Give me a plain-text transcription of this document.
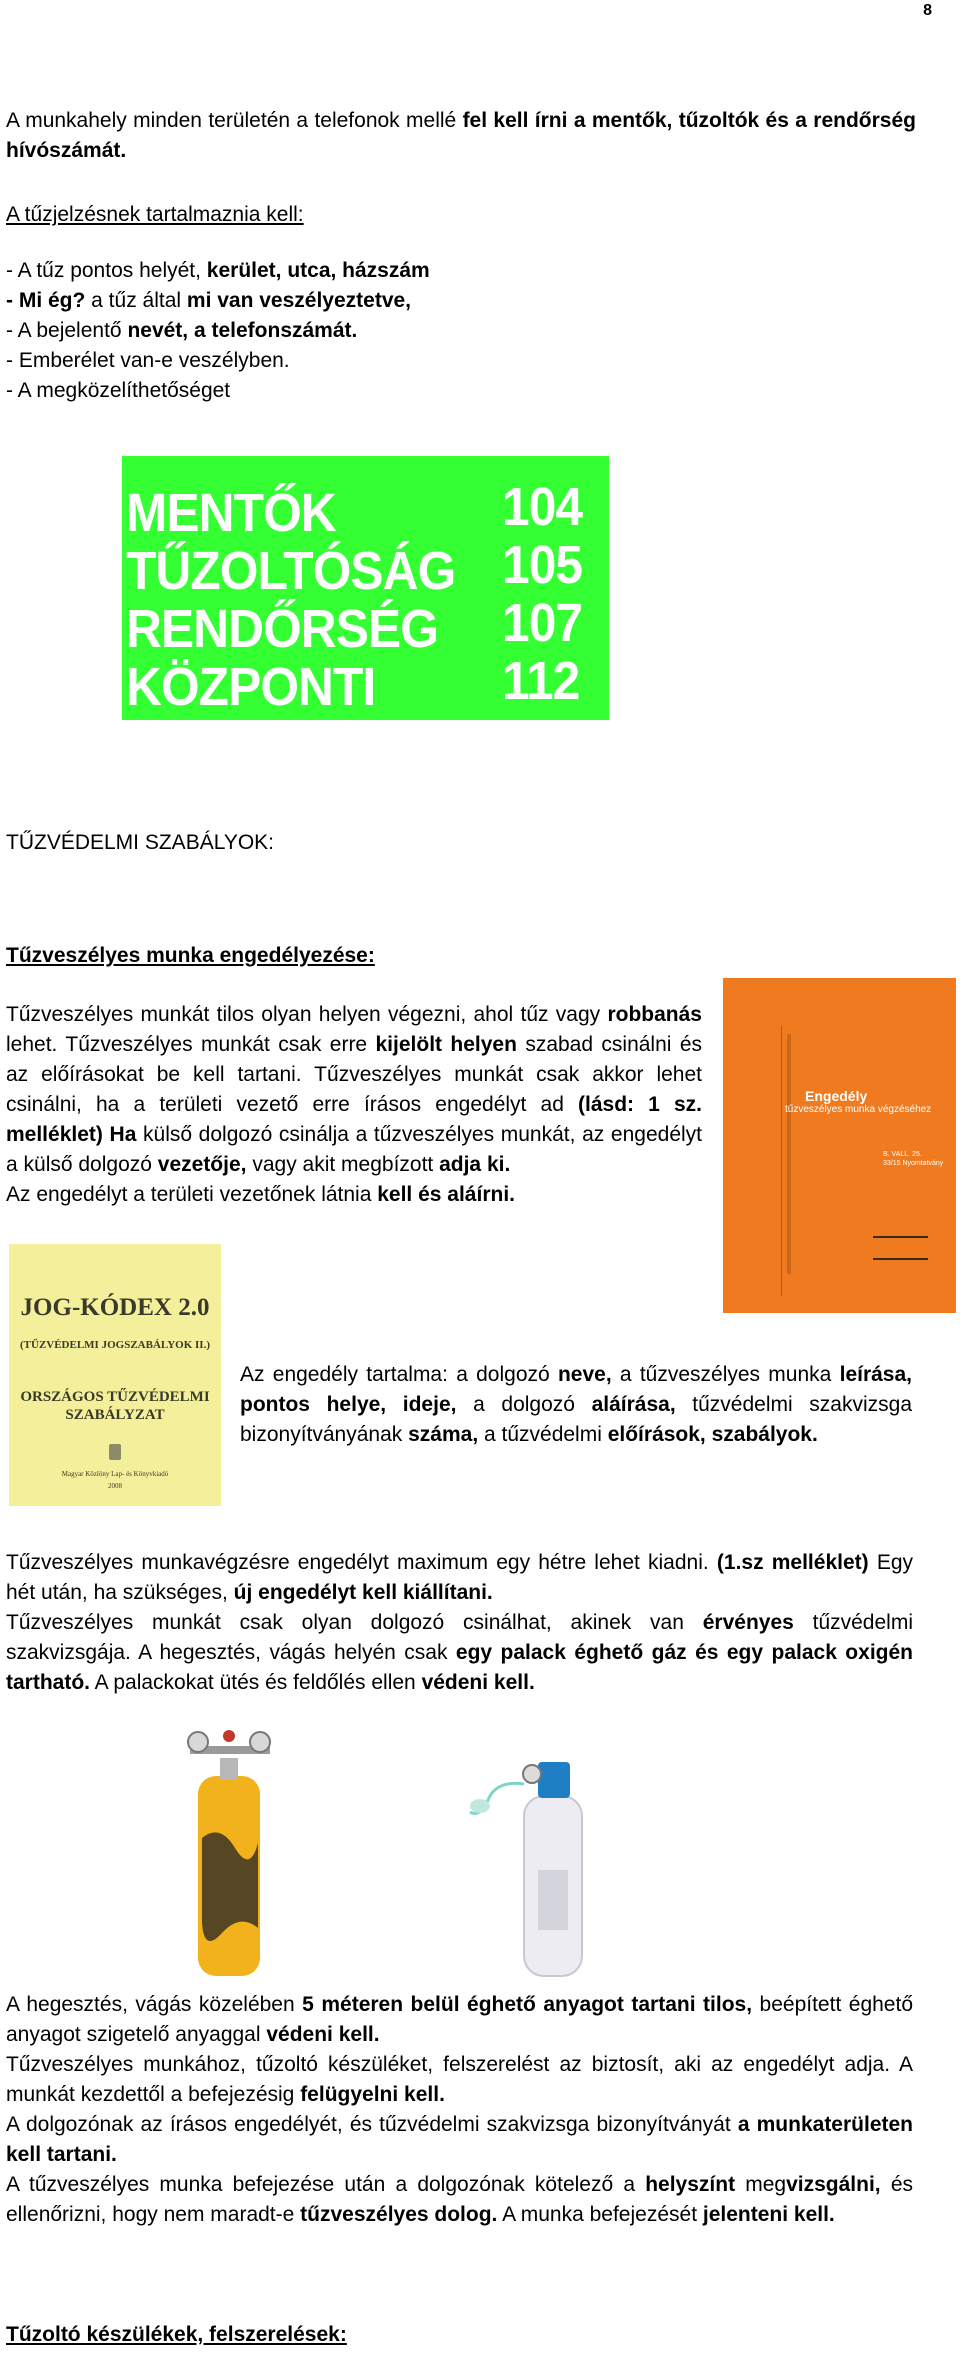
8

A munkahely minden területén a telefonok mellé fel kell írni a mentők, tűzoltók és a rendőrség hívószámát.

A tűzjelzésnek tartalmaznia kell:

- A tűz pontos helyét, kerület, utca, házszám

- Mi ég? a tűz által mi van veszélyeztetve,

- A bejelentő nevét, a telefonszámát.

- Emberélet van-e veszélyben.

- A megközelíthetőséget

MENTŐK	104
TŰZOLTÓSÁG 105
RENDŐRSÉG 107
KÖZPONTI 112

TŰZVÉDELMI SZABÁLYOK:

Tűzveszélyes munka engedélyezése:

Tűzveszélyes munkát tilos olyan helyen végezni, ahol tűz vagy robbanás lehet. Tűzveszélyes munkát csak erre kijelölt helyen szabad csinálni és az előírásokat be kell tartani. Tűzveszélyes munkát csak akkor lehet csinálni, ha a területi vezető erre írásos engedélyt ad (lásd: 1 sz. melléklet) Ha külső dolgozó csinálja a tűzveszélyes munkát, az engedélyt a külső dolgozó vezetője, vagy akit megbízott adja ki.

Az engedélyt a területi vezetőnek látnia kell és aláírni.

Engedély
tűzveszélyes munka végzéséhez
B. VALL. 25.
33/15 Nyomtatvány
JOG-KÓDEX 2.0
(TŰZVÉDELMI JOGSZABÁLYOK II.)
ORSZÁGOS TŰZVÉDELMI SZABÁLYZAT
Magyar Közlöny Lap- és Könyvkiadó
2008

Az engedély tartalma: a dolgozó neve, a tűzveszélyes munka leírása, pontos helye, ideje, a dolgozó aláírása, tűzvédelmi szakvizsga bizonyítványának száma, a tűzvédelmi előírások, szabályok.

Tűzveszélyes munkavégzésre engedélyt maximum egy hétre lehet kiadni. (1.sz melléklet) Egy hét után, ha szükséges, új engedélyt kell kiállítani.

Tűzveszélyes munkát csak olyan dolgozó csinálhat, akinek van érvényes tűzvédelmi szakvizsgája. A hegesztés, vágás helyén csak egy palack éghető gáz és egy palack oxigén tartható. A palackokat ütés és feldőlés ellen védeni kell.

A hegesztés, vágás közelében 5 méteren belül éghető anyagot tartani tilos, beépített éghető anyagot szigetelő anyaggal védeni kell.

Tűzveszélyes munkához, tűzoltó készüléket, felszerelést az biztosít, aki az engedélyt adja. A munkát kezdettől a befejezésig felügyelni kell.

A dolgozónak az írásos engedélyét, és tűzvédelmi szakvizsga bizonyítványát a munkaterületen kell tartani.

A tűzveszélyes munka befejezése után a dolgozónak kötelező a helyszínt megvizsgálni, és ellenőrizni, hogy nem maradt-e tűzveszélyes dolog. A munka befejezését jelenteni kell.

Tűzoltó készülékek, felszerelések:
